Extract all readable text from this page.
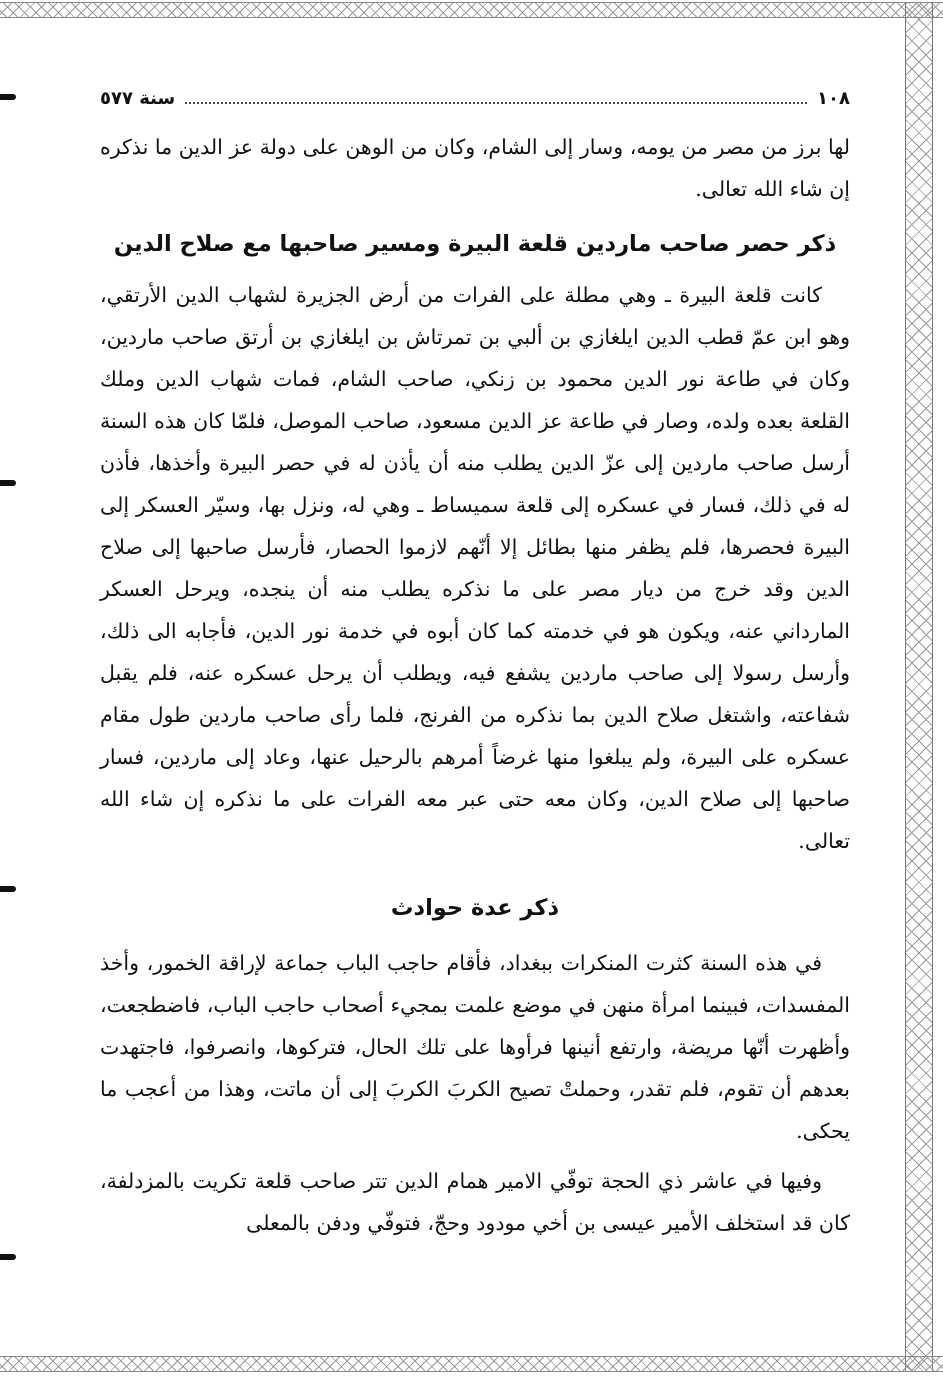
١٠٨
سنة ٥٧٧

لها برز من مصر من يومه، وسار إلى الشام، وكان من الوهن على دولة عز الدين ما نذكره إن شاء الله تعالى.

ذكر حصر صاحب ماردين قلعة البيرة ومسير صاحبها مع صلاح الدين

كانت قلعة البيرة ـ وهي مطلة على الفرات من أرض الجزيرة لشهاب الدين الأرتقي، وهو ابن عمّ قطب الدين ايلغازي بن ألبي بن تمرتاش بن ايلغازي بن أرتق صاحب ماردين، وكان في طاعة نور الدين محمود بن زنكي، صاحب الشام، فمات شهاب الدين وملك القلعة بعده ولده، وصار في طاعة عز الدين مسعود، صاحب الموصل، فلمّا كان هذه السنة أرسل صاحب ماردين إلى عزّ الدين يطلب منه أن يأذن له في حصر البيرة وأخذها، فأذن له في ذلك، فسار في عسكره إلى قلعة سميساط ـ وهي له، ونزل بها، وسيّر العسكر إلى البيرة فحصرها، فلم يظفر منها بطائل إلا أنّهم لازموا الحصار، فأرسل صاحبها إلى صلاح الدين وقد خرج من ديار مصر على ما نذكره يطلب منه أن ينجده، ويرحل العسكر المارداني عنه، ويكون هو في خدمته كما كان أبوه في خدمة نور الدين، فأجابه الى ذلك، وأرسل رسولا إلى صاحب ماردين يشفع فيه، ويطلب أن يرحل عسكره عنه، فلم يقبل شفاعته، واشتغل صلاح الدين بما نذكره من الفرنج، فلما رأى صاحب ماردين طول مقام عسكره على البيرة، ولم يبلغوا منها غرضاً أمرهم بالرحيل عنها، وعاد إلى ماردين، فسار صاحبها إلى صلاح الدين، وكان معه حتى عبر معه الفرات على ما نذكره إن شاء الله تعالى.

ذكر عدة حوادث

في هذه السنة كثرت المنكرات ببغداد، فأقام حاجب الباب جماعة لإراقة الخمور، وأخذ المفسدات، فبينما امرأة منهن في موضع علمت بمجيء أصحاب حاجب الباب، فاضطجعت، وأظهرت أنّها مريضة، وارتفع أنينها فرأوها على تلك الحال، فتركوها، وانصرفوا، فاجتهدت بعدهم أن تقوم، فلم تقدر، وحملتْ تصيح الكربَ الكربَ إلى أن ماتت، وهذا من أعجب ما يحكى.

وفيها في عاشر ذي الحجة توفّي الامير همام الدين تتر صاحب قلعة تكريت بالمزدلفة، كان قد استخلف الأمير عيسى بن أخي مودود وحجّ، فتوفّي ودفن بالمعلى
